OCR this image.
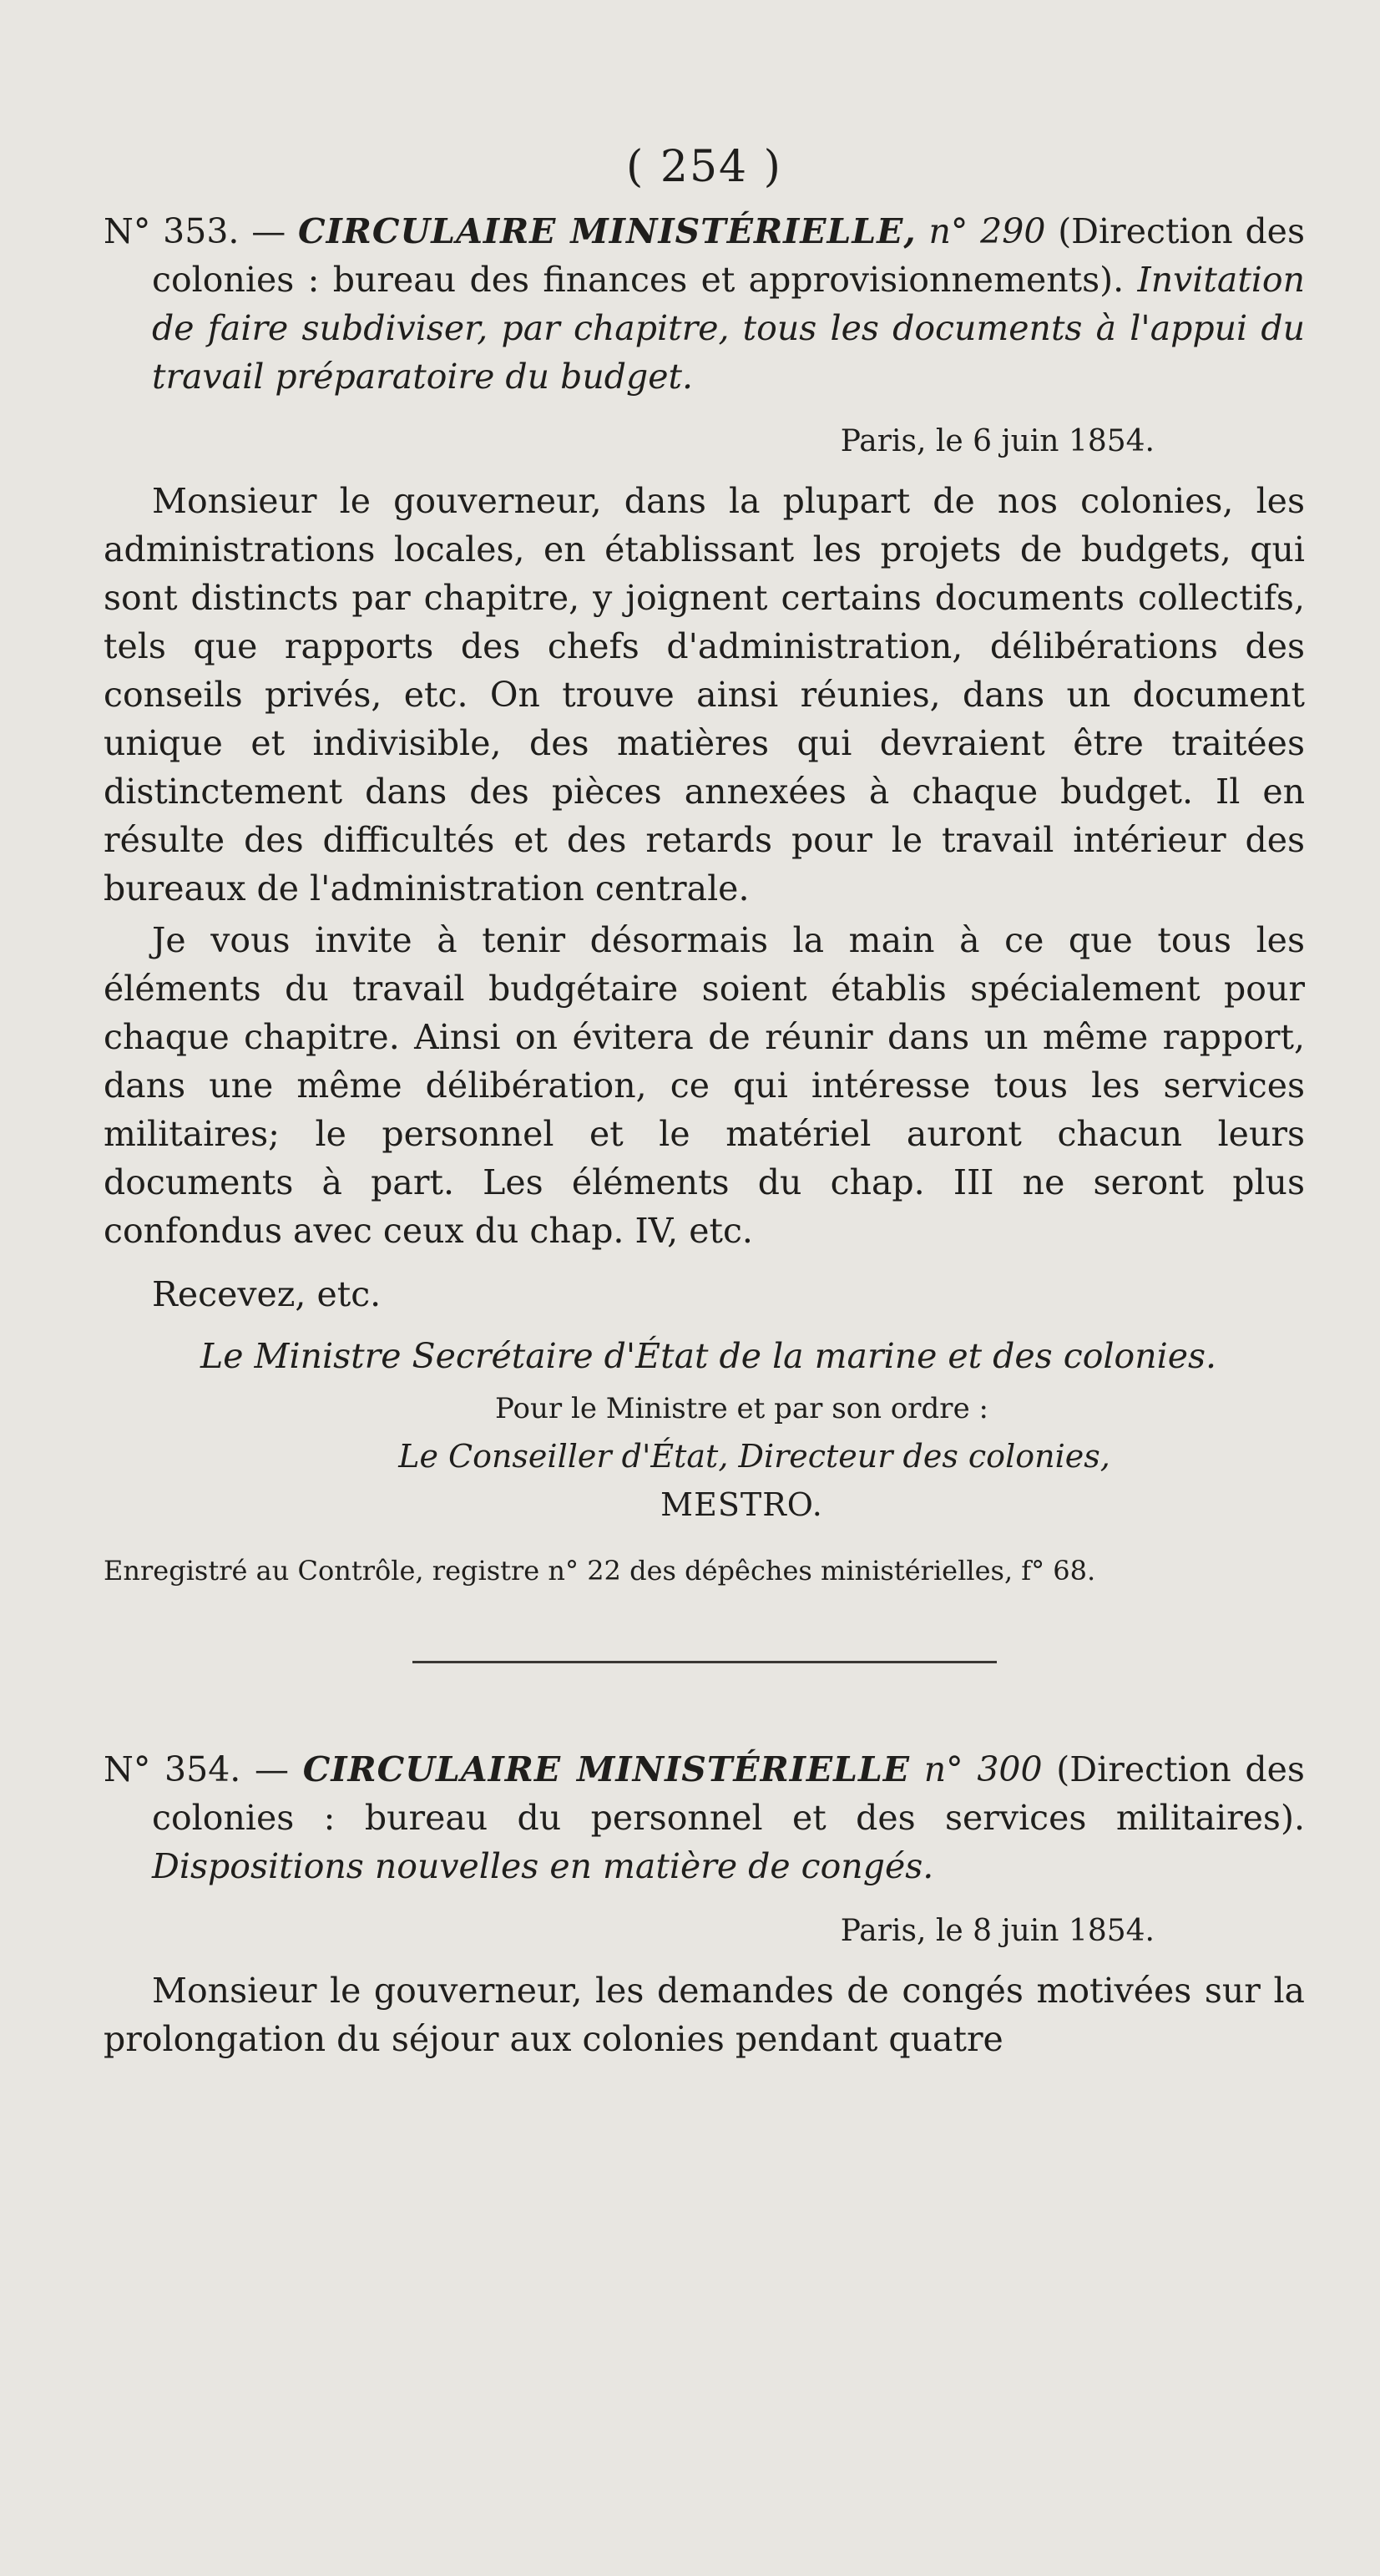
( 254 )

N° 353. — CIRCULAIRE MINISTÉRIELLE, n° 290 (Direction des colonies : bureau des finances et approvisionnements). Invitation de faire subdiviser, par chapitre, tous les documents à l'appui du travail préparatoire du budget.

Paris, le 6 juin 1854.

Monsieur le gouverneur, dans la plupart de nos colonies, les administrations locales, en établissant les projets de budgets, qui sont distincts par chapitre, y joignent certains documents collectifs, tels que rapports des chefs d'administration, délibérations des conseils privés, etc. On trouve ainsi réunies, dans un document unique et indivisible, des matières qui devraient être traitées distinctement dans des pièces annexées à chaque budget. Il en résulte des difficultés et des retards pour le travail intérieur des bureaux de l'administration centrale.

Je vous invite à tenir désormais la main à ce que tous les éléments du travail budgétaire soient établis spécialement pour chaque chapitre. Ainsi on évitera de réunir dans un même rapport, dans une même délibération, ce qui intéresse tous les services militaires; le personnel et le matériel auront chacun leurs documents à part. Les éléments du chap. III ne seront plus confondus avec ceux du chap. IV, etc.

Recevez, etc.

Le Ministre Secrétaire d'État de la marine et des colonies.

Pour le Ministre et par son ordre :

Le Conseiller d'État, Directeur des colonies,

MESTRO.

Enregistré au Contrôle, registre n° 22 des dépêches ministérielles, f° 68.

N° 354. — CIRCULAIRE MINISTÉRIELLE n° 300 (Direction des colonies : bureau du personnel et des services militaires). Dispositions nouvelles en matière de congés.

Paris, le 8 juin 1854.

Monsieur le gouverneur, les demandes de congés motivées sur la prolongation du séjour aux colonies pendant quatre
